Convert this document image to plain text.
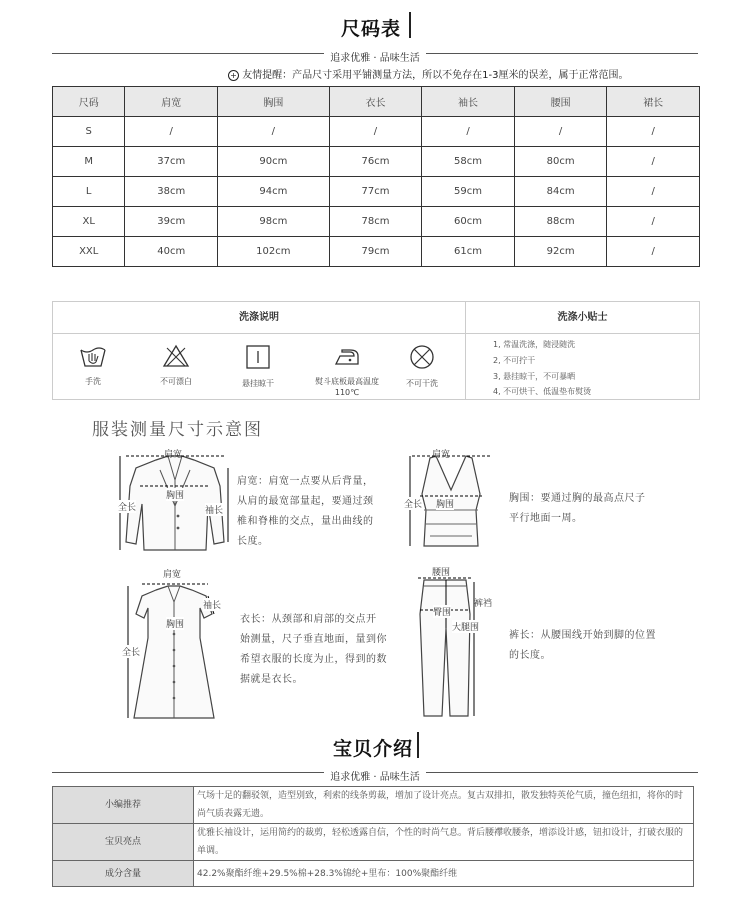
尺码表
追求优雅 · 品味生活
+ 友情提醒：产品尺寸采用平铺测量方法，所以不免存在1-3厘米的误差，属于正常范围。
尺码	肩宽	胸围	衣长	袖长	腰围	裙长
S	/	/	/	/	/	/
M	37cm	90cm	76cm	58cm	80cm	/
L	38cm	94cm	77cm	59cm	84cm	/
XL	39cm	98cm	78cm	60cm	88cm	/
XXL	40cm	102cm	79cm	61cm	92cm	/
洗涤说明	洗涤小贴士
手洗	不可漂白	悬挂晾干	熨斗底板最高温度110℃
不可干洗
1, 常温洗涤，随浸随洗
2, 不可拧干
3, 悬挂晾干，不可暴晒
4, 不可烘干、低温垫布熨烫
服装测量尺寸示意图
肩宽
胸围
全长	袖长
肩宽：肩宽一点要从后背量，
从肩的最宽部量起，要通过颈
椎和脊椎的交点，量出曲线的
长度。
肩宽
胸围
全长
胸围：要通过胸的最高点尺子
平行地面一周。
肩宽
胸围
全长
袖长
衣长：从颈部和肩部的交点开
始测量，尺子垂直地面，量到你
希望衣服的长度为止，得到的数
据就是衣长。
腰围
裤裆
臀围
大腿围
裤长：从腰围线开始到脚的位置
的长度。
宝贝介绍
追求优雅 · 品味生活
小编推荐	气场十足的翻驳领，造型别致，利索的线条剪裁，增加了设计亮点。复古双排扣，散发独特英伦气质，撞色纽扣，将你的时尚气质表露无遗。
宝贝亮点	优雅长袖设计，运用简约的裁剪，轻松透露自信，个性的时尚气息。背后腰襻收腰条，增添设计感，钮扣设计，打破衣服的单调。
成分含量	42.2%聚酯纤维+29.5%棉+28.3%锦纶+里布：100%聚酯纤维
